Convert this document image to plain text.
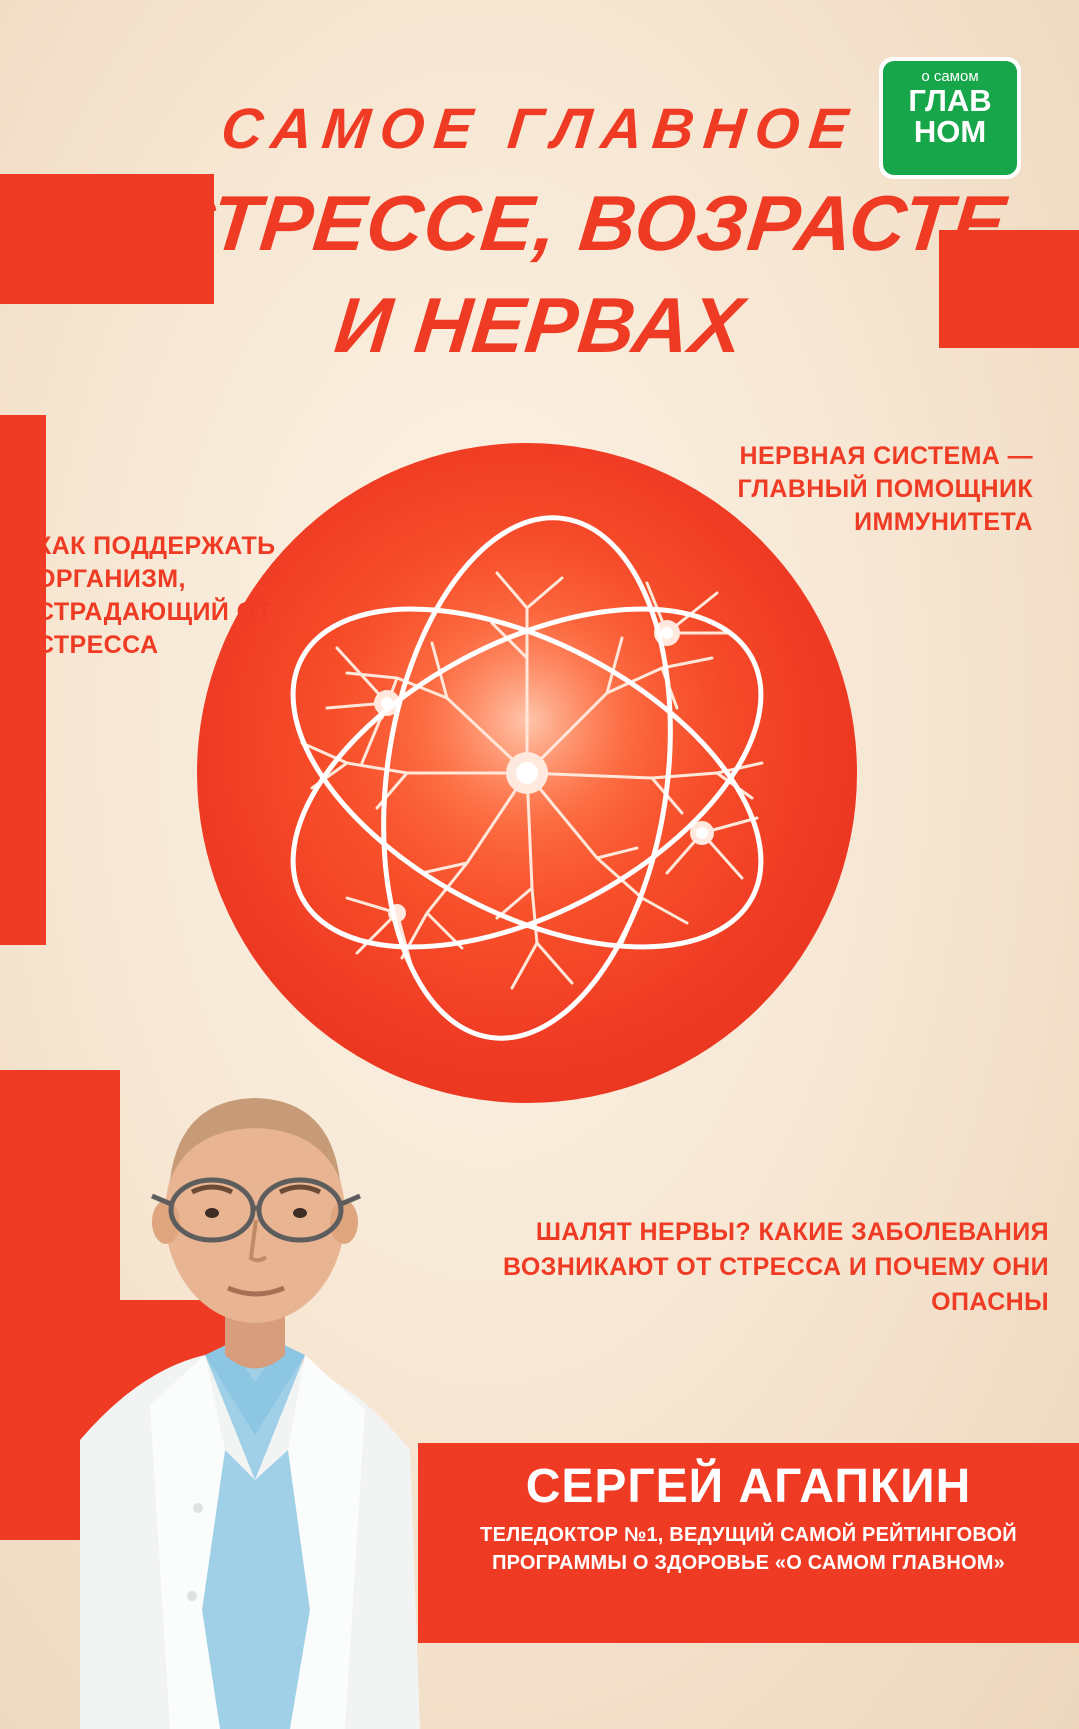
САМОЕ ГЛАВНОЕ
О СТРЕССЕ, ВОЗРАСТЕ
И НЕРВАХ
о самом
ГЛАВ
НОМ
НЕРВНАЯ СИСТЕМА — ГЛАВНЫЙ ПОМОЩНИК ИММУНИТЕТА
КАК ПОДДЕРЖАТЬ ОРГАНИЗМ, СТРАДАЮЩИЙ ОТ СТРЕССА
ШАЛЯТ НЕРВЫ? КАКИЕ ЗАБОЛЕВАНИЯ ВОЗНИКАЮТ ОТ СТРЕССА И ПОЧЕМУ ОНИ ОПАСНЫ
СЕРГЕЙ АГАПКИН
ТЕЛЕДОКТОР №1, ВЕДУЩИЙ САМОЙ РЕЙТИНГОВОЙ ПРОГРАММЫ О ЗДОРОВЬЕ «О САМОМ ГЛАВНОМ»
